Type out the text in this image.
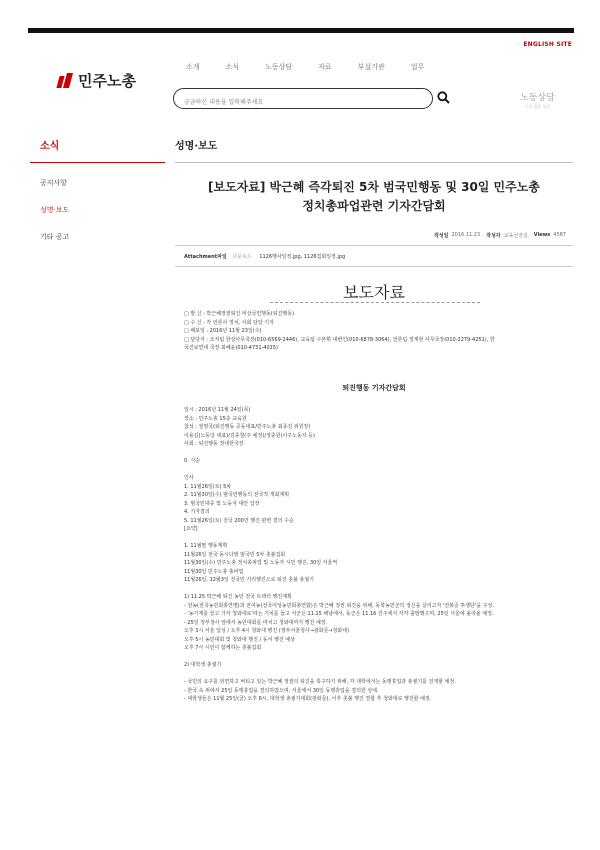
ENGLISH SITE
민주노총
소개	소식	노동상담	자료	부설기관	업무
궁금하신 내용을 입력해주세요
노동상담
무료 법률 상담
소식
공지사항
성명·보도
기타 공고
성명·보도
[보도자료] 박근혜 즉각퇴진 5차 범국민행동 및 30일 민주노총
정치총파업관련 기자간담회
작성일 2016.11.23 작성자 교육선전실 Views 4587
Attachment파일 다운로드 1126행사일정.jpg, 1126집회일정.jpg
보도자료
□ 발 신 : 박근혜정권퇴진 비상국민행동(퇴진행동)
□ 수 신 : 각 언론사 정치, 사회 담당 기자
□ 배포일 : 2016년 11월 23일(수)
□ 담당자 : 조직팀 한상사무국장(010-6569-2446), 교육팀 구본휘 대변인(010-6878-3064), 언론팀 정재현 사무국장(010-2279-4251), 한
국진보연대 국장 최혜윤(010-4731-4015)
퇴진행동 기자간담회
일시 : 2016년 11월 24일(목)
장소 : 민주노총 15층 교육원
참석 : 권영국(퇴진행동 공동대표/민주노총 최종진 위원장)
이용길(노동당 대표)/김종철(주 예정)/정종원(이주노동자 등)
사회 : 퇴진행동 정대한국장
0. 식순
인사
1. 11월26일(토) 5차
2. 11월30일(수) 범국민행동의 전국적 개최계획
3. 범국민대중 및 노동자 대안 입장
4. 기자질의
5. 11월26일(토) 전국 200만 행진 관련 결의 수순
[요약]
1. 11월말 행동계획
11월26일 전국 동시다발 범국민 5차 촛불집회
11월30일(수) 민주노총 정치총파업 및 노동자 시민 행진, 30일 서울역
11월30일 민주노총 총파업
11월26일, 12월3일 전국민 거리행진으로 퇴진 촛불 총궐기
1) 11.25 박근혜 퇴진 농민 전국 트랙터 행진계획
- 전농(전국농민회총연맹)과 전여농(전국여성농민회총연합)은 박근혜 정권 퇴진을 위해, 동학농민군의 정신을 살리고자 '전봉준 투쟁단'을 구성.
- '농기계를 끌고 가자 청와대로'라는 기치를 들고 서군은 11.15 해남에서, 동군은 11.16 진주에서 각각 출발했으며, 25일 서울에 올라올 예정.
- 25일 정부청사 앞에서 농민대회를 마치고 청와대까지 행진 예정.
오후 3시 서울 입성 / 오후 4시 청와대 행진 (정부서울청사→광화문→청와대)
오후 5시 농민대회 및 청와대 행진 / 동서 행진 예상
오후 7시 시민이 함께하는 촛불집회
2) 대학생 총궐기
- 국민의 요구를 외면하고 버티고 있는 박근혜 정권의 퇴진을 촉구하기 위해, 각 대학에서는 동맹휴업과 총궐기를 전개할 예정.
- 한국 속 위에서 25일 동맹휴업을 결의하였으며, 서울에서 30일 동맹휴업을 결의한 상태.
- 대학생들은 11월 25일(금) 오후 6시, 대학생 총궐기대회(광화문), 이후 촛불 행진 결합 후 청와대로 행진할 예정.
